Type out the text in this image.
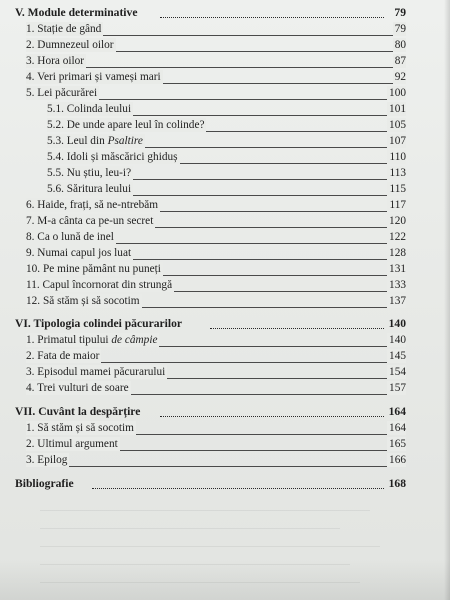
V. Module determinative	79
1. Stație de gând	79
2. Dumnezeul oilor	80
3. Hora oilor	87
4. Veri primari și vameși mari	92
5. Lei păcurărei	100
5.1. Colinda leului	101
5.2. De unde apare leul în colinde?	105
5.3. Leul din Psaltire	107
5.4. Idoli și măscărici ghiduș	110
5.5. Nu știu, leu-i?	113
5.6. Săritura leului	115
6. Haide, frați, să ne-ntrebăm	117
7. M-a cânta ca pe-un secret	120
8. Ca o lună de inel	122
9. Numai capul jos luat	128
10. Pe mine pământ nu puneți	131
11. Capul încornorat din strungă	133
12. Să stăm și să socotim	137
VI. Tipologia colindei păcurarilor	140
1. Primatul tipului de câmpie	140
2. Fata de maior	145
3. Episodul mamei păcurarului	154
4. Trei vulturi de soare	157
VII. Cuvânt la despărțire	164
1. Să stăm și să socotim	164
2. Ultimul argument	165
3. Epilog	166
Bibliografie	168
